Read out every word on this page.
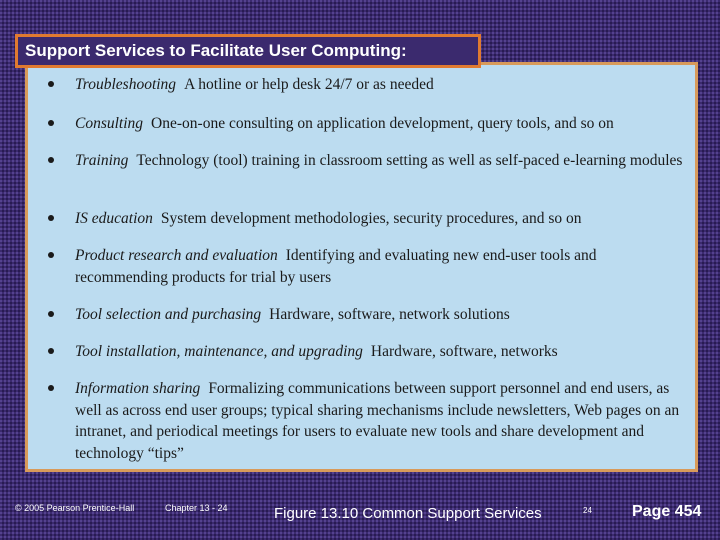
Troubleshooting A hotline or help desk 24/7 or as needed
Consulting One-on-one consulting on application development, query tools, and so on
Training Technology (tool) training in classroom setting as well as self-paced e-learning modules
IS education System development methodologies, security procedures, and so on
Product research and evaluation Identifying and evaluating new end-user tools and recommending products for trial by users
Tool selection and purchasing Hardware, software, network solutions
Tool installation, maintenance, and upgrading Hardware, software, networks
Information sharing Formalizing communications between support personnel and end users, as well as across end user groups; typical sharing mechanisms include newsletters, Web pages on an intranet, and periodical meetings for users to evaluate new tools and share development and technology “tips”
Support Services to Facilitate User Computing:
© 2005 Pearson Prentice-Hall	Chapter 13 - 24	Figure 13.10 Common Support Services	24	Page 454
